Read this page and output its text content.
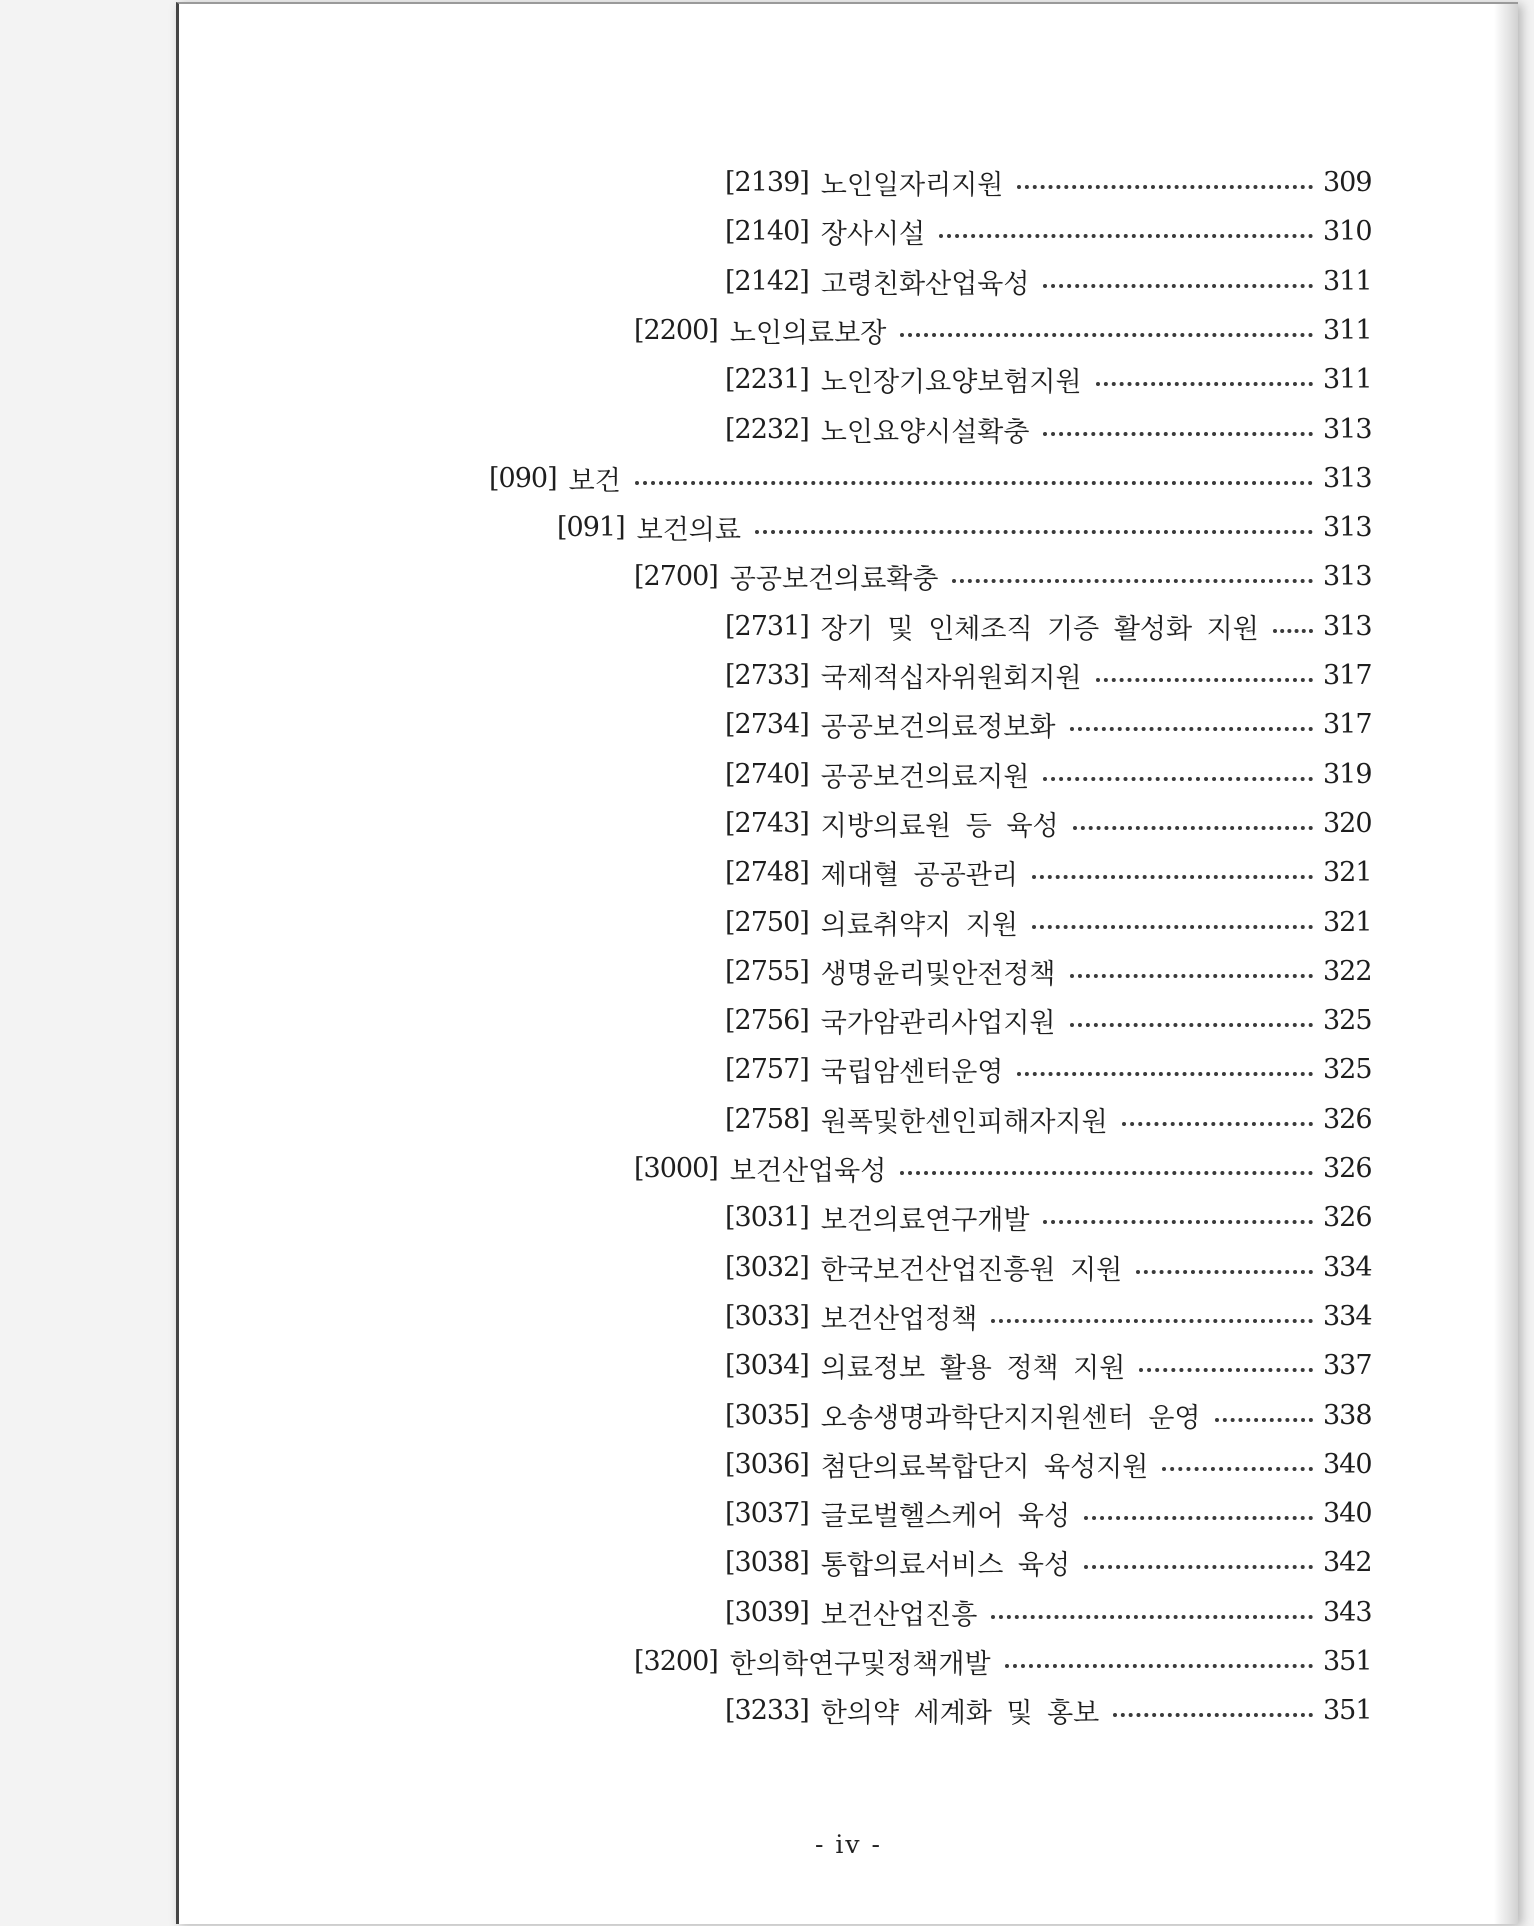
[2139] 노인일자리지원	309
[2140] 장사시설	310
[2142] 고령친화산업육성	311
[2200] 노인의료보장	311
[2231] 노인장기요양보험지원	311
[2232] 노인요양시설확충	313
[090] 보건	313
[091] 보건의료	313
[2700] 공공보건의료확충	313
[2731] 장기 및 인체조직 기증 활성화 지원 313
[2733] 국제적십자위원회지원	317
[2734] 공공보건의료정보화	317
[2740] 공공보건의료지원	319
[2743] 지방의료원 등 육성	320
[2748] 제대혈 공공관리	321
[2750] 의료취약지 지원	321
[2755] 생명윤리및안전정책	322
[2756] 국가암관리사업지원	325
[2757] 국립암센터운영	325
[2758] 원폭및한센인피해자지원	326
[3000] 보건산업육성	326
[3031] 보건의료연구개발	326
[3032] 한국보건산업진흥원 지원	334
[3033] 보건산업정책	334
[3034] 의료정보 활용 정책 지원	337
[3035] 오송생명과학단지지원센터 운영	338
[3036] 첨단의료복합단지 육성지원	340
[3037] 글로벌헬스케어 육성	340
[3038] 통합의료서비스 육성	342
[3039] 보건산업진흥	343
[3200] 한의학연구및정책개발	351
[3233] 한의약 세계화 및 홍보	351
- iv -
